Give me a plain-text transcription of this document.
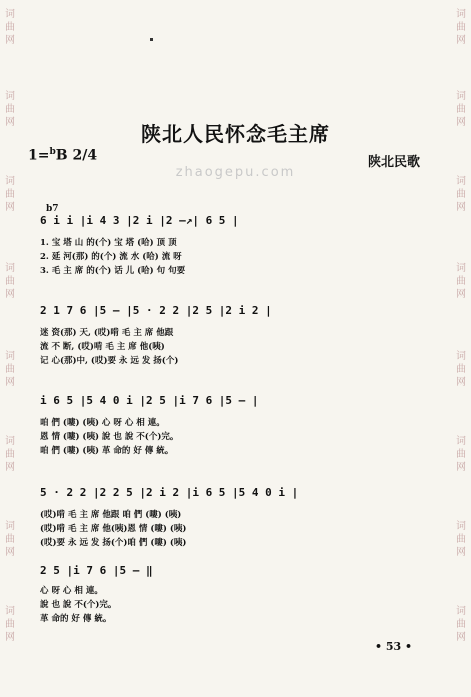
词
曲
网
词
曲
网
词
曲
网
词
曲
网
词
曲
网
词
曲
网
词
曲
网
词
曲
网
词
曲
网
词
曲
网
词
曲
网
词
曲
网
词
曲
网
词
曲
网
词
曲
网
词
曲
网
陕北人民怀念毛主席
1=$^b$B 2/4
zhaogepu.com
陕北民歌
b7
6 i i |i 4 3 |2 i |2 —↗| 6 5 |
1. 宝 塔 山 的(个) 宝 塔 (哈) 顶 顶
2. 延 河(那) 的(个) 流 水 (哈) 流 呀
3. 毛 主 席 的(个) 话 儿 (哈) 句 句要
2 1 7 6 |5 — |5 · 2 2 |2 5 |2 i 2 |
迷 资(那) 天, (哎)啃 毛 主 席 他跟
流 不 断, (哎)啃 毛 主 席 他(咦)
记 心(那)中, (哎)要 永 远 发 扬(个)
i 6 5 |5 4 0 i |2 5 |i 7 6 |5 — |
咱 們 (嘍) (咦) 心 呀 心 相 連。
恩 情 (嘍) (咦) 說 也 說 不(个)完。
咱 們 (嘍) (咦) 革 命的 好 傳 統。
5 · 2 2 |2 2 5 |2 i 2 |i 6 5 |5 4 0 i |
(哎)啃 毛 主 席 他跟 咱 們 (嘍) (咦)
(哎)啃 毛 主 席 他(咦)恩 情 (嘍) (咦)
(哎)要 永 远 发 扬(个)咱 們 (嘍) (咦)
2 5 |i 7 6 |5 — ‖
心 呀 心 相 連。
說 也 說 不(个)完。
革 命的 好 傳 統。
• 53 •
